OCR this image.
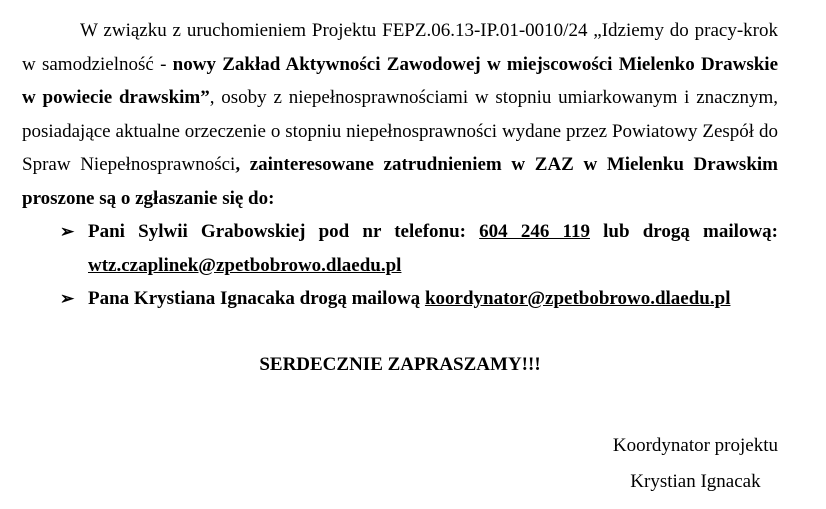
W związku z uruchomieniem Projektu FEPZ.06.13-IP.01-0010/24 „Idziemy do pracy-krok w samodzielność - nowy Zakład Aktywności Zawodowej w miejscowości Mielenko Drawskie w powiecie drawskim”, osoby z niepełnosprawnościami w stopniu umiarkowanym i znacznym, posiadające aktualne orzeczenie o stopniu niepełnosprawności wydane przez Powiatowy Zespół do Spraw Niepełnosprawności, zainteresowane zatrudnieniem w ZAZ w Mielenku Drawskim proszone są o zgłaszanie się do:

➢ Pani Sylwii Grabowskiej pod nr telefonu: 604 246 119 lub drogą mailową: wtz.czaplinek@zpetbobrowo.dlaedu.pl
➢ Pana Krystiana Ignacaka drogą mailową koordynator@zpetbobrowo.dlaedu.pl
SERDECZNIE ZAPRASZAMY!!!
Koordynator projektu
Krystian Ignacak
